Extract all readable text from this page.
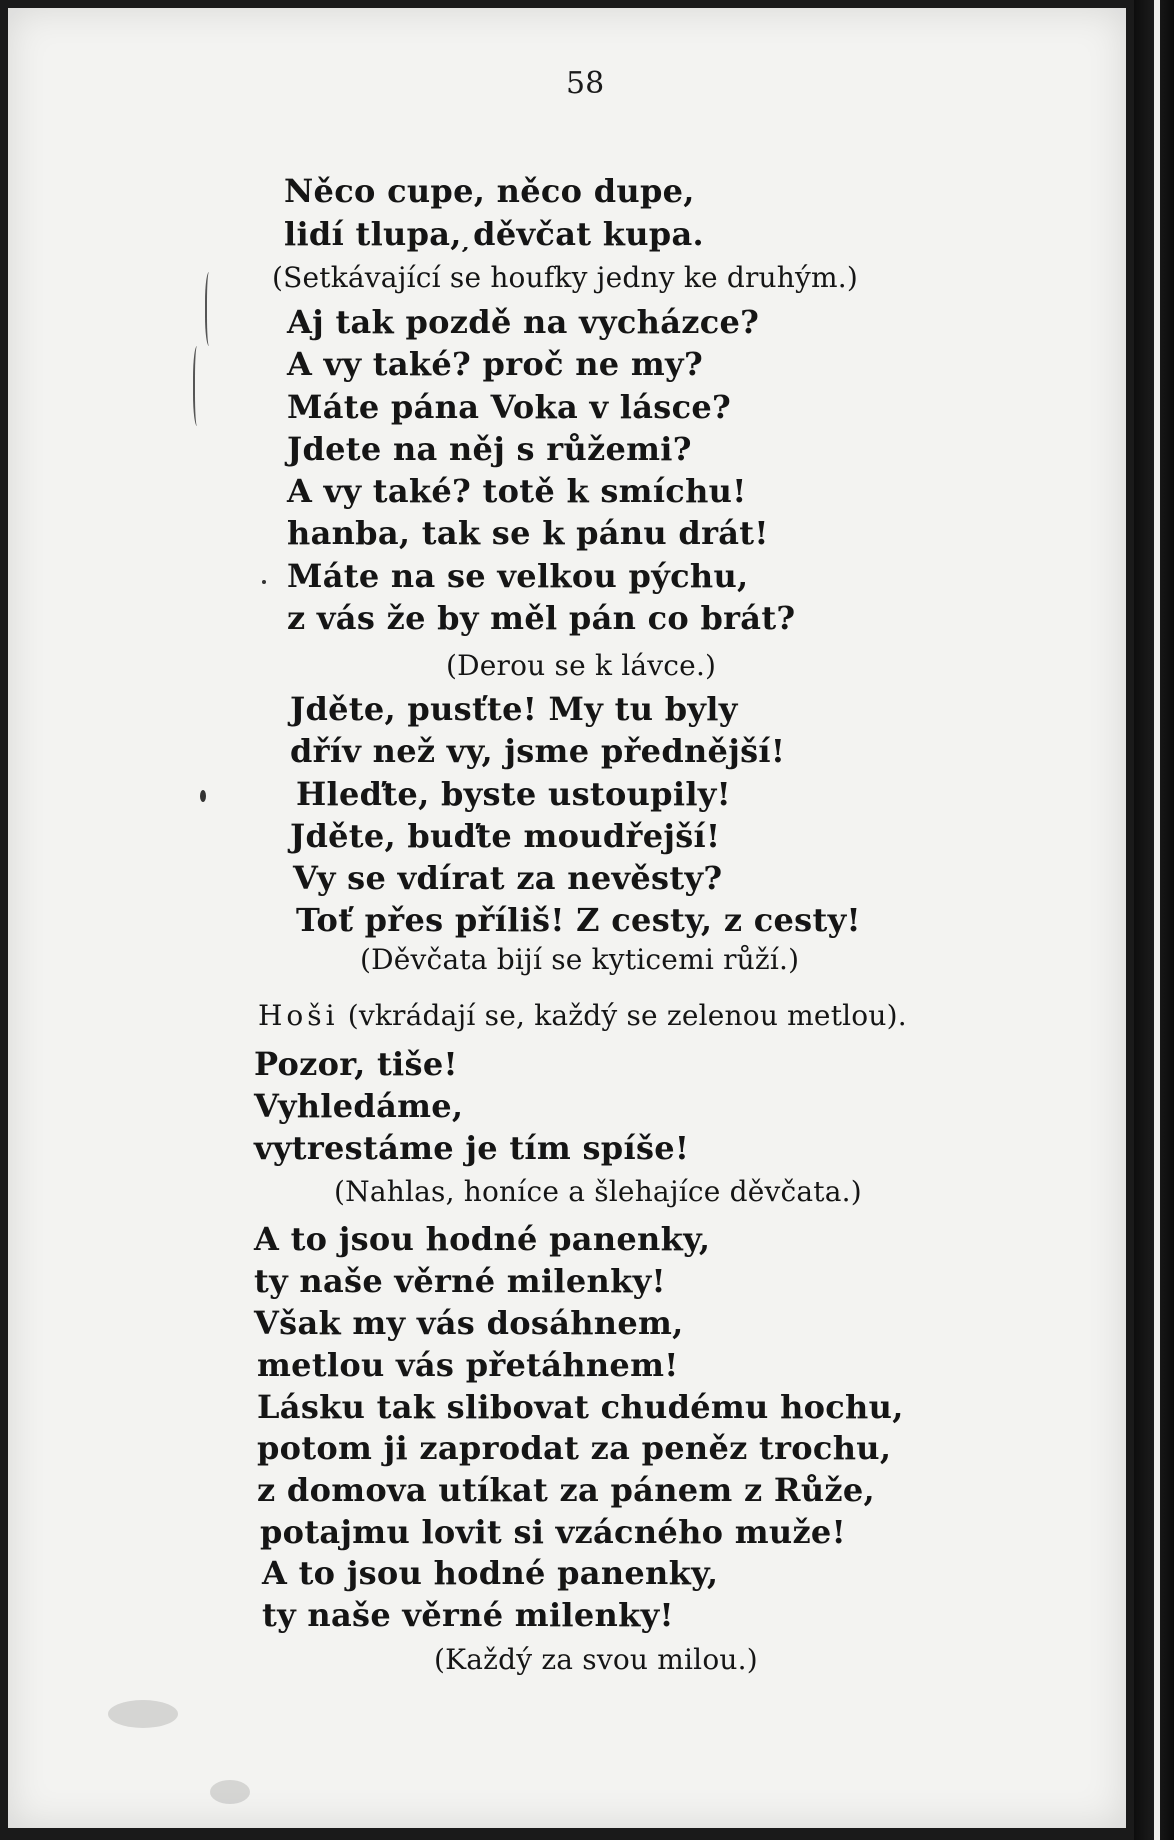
58
Něco cupe, něco dupe,
lidí tlupa, ̦děvčat kupa.
(Setkávající se houfky jedny ke druhým.)
Aj tak pozdě na vycházce?
A vy také? proč ne my?
Máte pána Voka v lásce?
Jdete na něj s růžemi?
A vy také? totě k smíchu!
hanba, tak se k pánu drát!
Máte na se velkou pýchu,
z vás že by měl pán co brát?
(Derou se k lávce.)
Jděte, pusťte! My tu byly
dřív než vy, jsme přednější!
Hleďte, byste ustoupily!
Jděte, buďte moudřejší!
Vy se vdírat za nevěsty?
Toť přes příliš! Z cesty, z cesty!
(Děvčata bijí se kyticemi růží.)
Hoši (vkrádají se, každý se zelenou metlou).
Pozor, tiše!
Vyhledáme,
vytrestáme je tím spíše!
(Nahlas, honíce a šlehajíce děvčata.)
A to jsou hodné panenky,
ty naše věrné milenky!
Však my vás dosáhnem,
metlou vás přetáhnem!
Lásku tak slibovat chudému hochu,
potom ji zaprodat za peněz trochu,
z domova utíkat za pánem z Růže,
potajmu lovit si vzácného muže!
A to jsou hodné panenky,
ty naše věrné milenky!
(Každý za svou milou.)
